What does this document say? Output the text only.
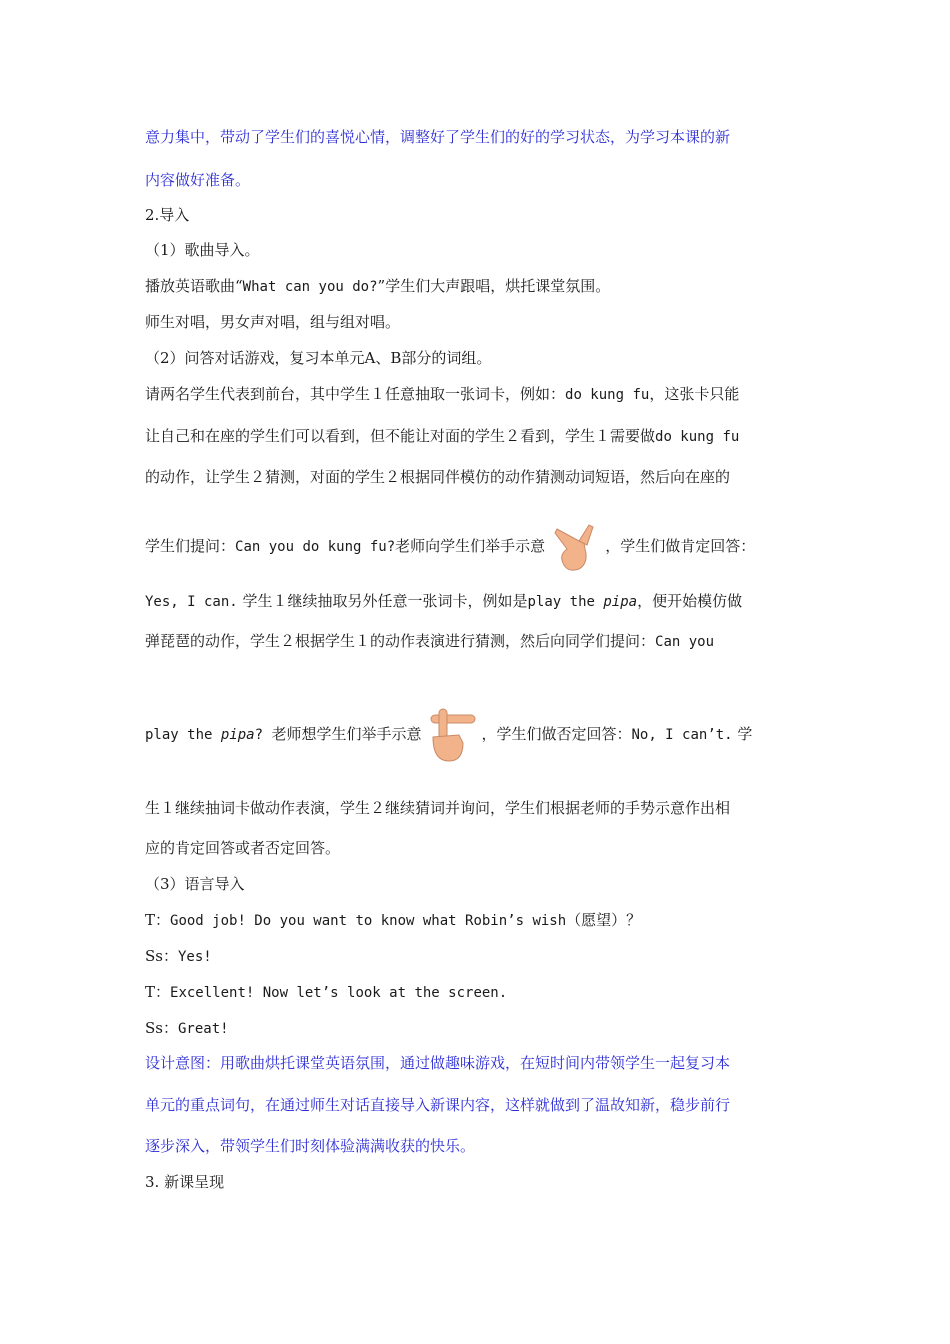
意力集中，带动了学生们的喜悦心情，调整好了学生们的好的学习状态，为学习本课的新
内容做好准备。
2.导入
（1）歌曲导入。
播放英语歌曲“What can you do?”学生们大声跟唱，烘托课堂氛围。
师生对唱，男女声对唱，组与组对唱。
（2）问答对话游戏，复习本单元A、B部分的词组。
请两名学生代表到前台，其中学生１任意抽取一张词卡，例如：do kung fu，这张卡只能
让自己和在座的学生们可以看到，但不能让对面的学生２看到，学生１需要做do kung fu
的动作，让学生２猜测，对面的学生２根据同伴模仿的动作猜测动词短语，然后向在座的
学生们提问：Can you do kung fu?老师向学生们举手示意	，学生们做肯定回答：
Yes, I can. 学生１继续抽取另外任意一张词卡，例如是play the pipa，便开始模仿做
弹琵琶的动作，学生２根据学生１的动作表演进行猜测，然后向同学们提问：Can you
play the pipa? 老师想学生们举手示意	，学生们做否定回答：No, I can’t. 学
生１继续抽词卡做动作表演，学生２继续猜词并询问，学生们根据老师的手势示意作出相
应的肯定回答或者否定回答。
（3）语言导入
T：Good job! Do you want to know what Robin’s wish（愿望）？
Ss：Yes!
T：Excellent! Now let’s look at the screen.
Ss：Great!
设计意图：用歌曲烘托课堂英语氛围，通过做趣味游戏，在短时间内带领学生一起复习本
单元的重点词句，在通过师生对话直接导入新课内容，这样就做到了温故知新，稳步前行
逐步深入，带领学生们时刻体验满满收获的快乐。
3. 新课呈现
